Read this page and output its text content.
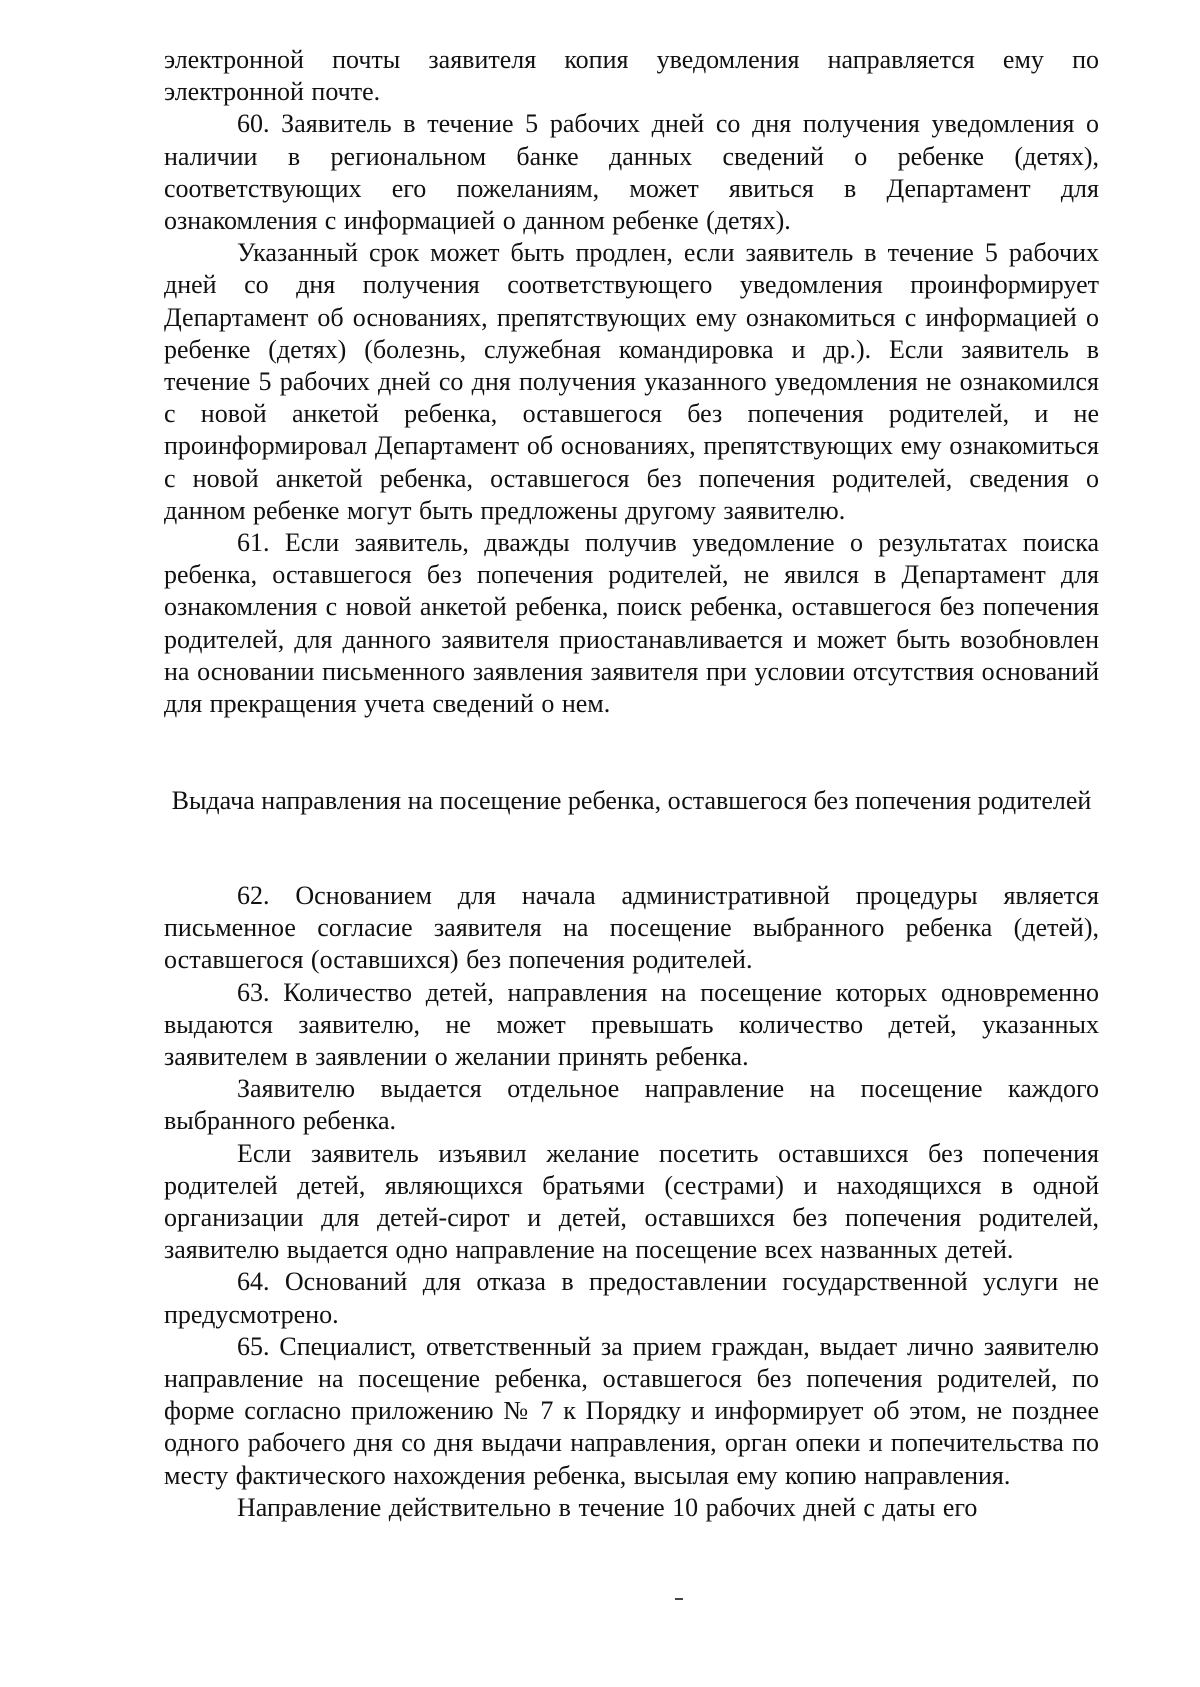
электронной почты заявителя копия уведомления направляется ему по электронной почте.

60. Заявитель в течение 5 рабочих дней со дня получения уведомления о наличии в региональном банке данных сведений о ребенке (детях), соответствующих его пожеланиям, может явиться в Департамент для ознакомления с информацией о данном ребенке (детях).

Указанный срок может быть продлен, если заявитель в течение 5 рабочих дней со дня получения соответствующего уведомления проинформирует Департамент об основаниях, препятствующих ему ознакомиться с информацией о ребенке (детях) (болезнь, служебная командировка и др.). Если заявитель в течение 5 рабочих дней со дня получения указанного уведомления не ознакомился с новой анкетой ребенка, оставшегося без попечения родителей, и не проинформировал Департамент об основаниях, препятствующих ему ознакомиться с новой анкетой ребенка, оставшегося без попечения родителей, сведения о данном ребенке могут быть предложены другому заявителю.

61. Если заявитель, дважды получив уведомление о результатах поиска ребенка, оставшегося без попечения родителей, не явился в Департамент для ознакомления с новой анкетой ребенка, поиск ребенка, оставшегося без попечения родителей, для данного заявителя приостанавливается и может быть возобновлен на основании письменного заявления заявителя при условии отсутствия оснований для прекращения учета сведений о нем.

Выдача направления на посещение ребенка, оставшегося без попечения родителей

62. Основанием для начала административной процедуры является письменное согласие заявителя на посещение выбранного ребенка (детей), оставшегося (оставшихся) без попечения родителей.

63. Количество детей, направления на посещение которых одновременно выдаются заявителю, не может превышать количество детей, указанных заявителем в заявлении о желании принять ребенка.

Заявителю выдается отдельное направление на посещение каждого выбранного ребенка.

Если заявитель изъявил желание посетить оставшихся без попечения родителей детей, являющихся братьями (сестрами) и находящихся в одной организации для детей-сирот и детей, оставшихся без попечения родителей, заявителю выдается одно направление на посещение всех названных детей.

64. Оснований для отказа в предоставлении государственной услуги не предусмотрено.

65. Специалист, ответственный за прием граждан, выдает лично заявителю направление на посещение ребенка, оставшегося без попечения родителей, по форме согласно приложению № 7 к Порядку и информирует об этом, не позднее одного рабочего дня со дня выдачи направления, орган опеки и попечительства по месту фактического нахождения ребенка, высылая ему копию направления.

Направление действительно в течение 10 рабочих дней с даты его
